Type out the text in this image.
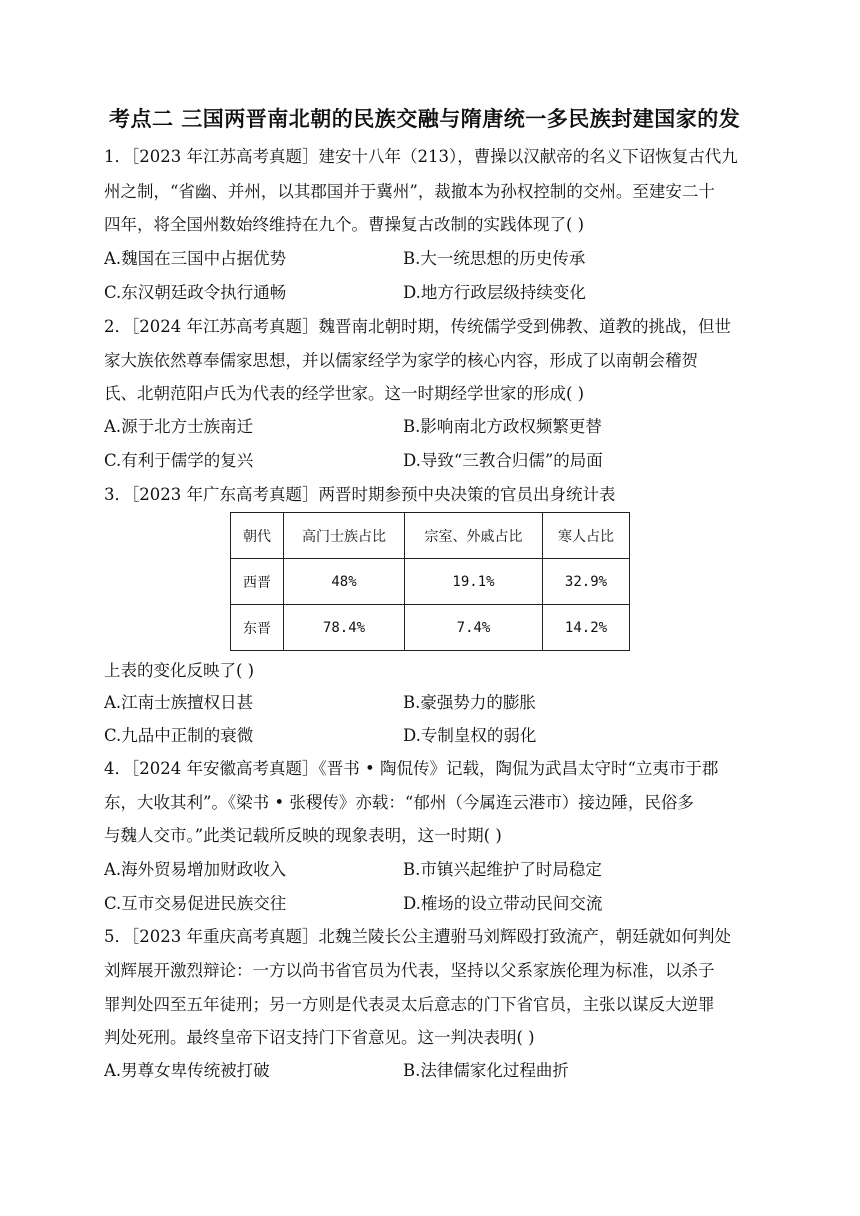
考点二 三国两晋南北朝的民族交融与隋唐统一多民族封建国家的发
1．［2023 年江苏高考真题］建安十八年（213），曹操以汉献帝的名义下诏恢复古代九
州之制，“省幽、并州，以其郡国并于冀州”，裁撤本为孙权控制的交州。至建安二十
四年，将全国州数始终维持在九个。曹操复古改制的实践体现了( )
A.魏国在三国中占据优势	B.大一统思想的历史传承
C.东汉朝廷政令执行通畅	D.地方行政层级持续变化
2．［2024 年江苏高考真题］魏晋南北朝时期，传统儒学受到佛教、道教的挑战，但世
家大族依然尊奉儒家思想，并以儒家经学为家学的核心内容，形成了以南朝会稽贺
氏、北朝范阳卢氏为代表的经学世家。这一时期经学世家的形成( )
A.源于北方士族南迁	B.影响南北方政权频繁更替
C.有利于儒学的复兴	D.导致“三教合归儒”的局面
3．［2023 年广东高考真题］两晋时期参预中央决策的官员出身统计表
朝代	高门士族占比	宗室、外戚占比	寒人占比
西晋	48%	19.1%	32.9%
东晋	78.4%	7.4%	14.2%
上表的变化反映了( )
A.江南士族擅权日甚	B.豪强势力的膨胀
C.九品中正制的衰微	D.专制皇权的弱化
4．［2024 年安徽高考真题］《晋书 • 陶侃传》记载，陶侃为武昌太守时“立夷市于郡
东，大收其利”。《梁书 • 张稷传》亦载：“郁州（今属连云港市）接边陲，民俗多
与魏人交市。”此类记载所反映的现象表明，这一时期( )
A.海外贸易增加财政收入	B.市镇兴起维护了时局稳定
C.互市交易促进民族交往	D.榷场的设立带动民间交流
5．［2023 年重庆高考真题］北魏兰陵长公主遭驸马刘辉殴打致流产，朝廷就如何判处
刘辉展开激烈辩论：一方以尚书省官员为代表，坚持以父系家族伦理为标准，以杀子
罪判处四至五年徒刑；另一方则是代表灵太后意志的门下省官员，主张以谋反大逆罪
判处死刑。最终皇帝下诏支持门下省意见。这一判决表明( )
A.男尊女卑传统被打破	B.法律儒家化过程曲折
